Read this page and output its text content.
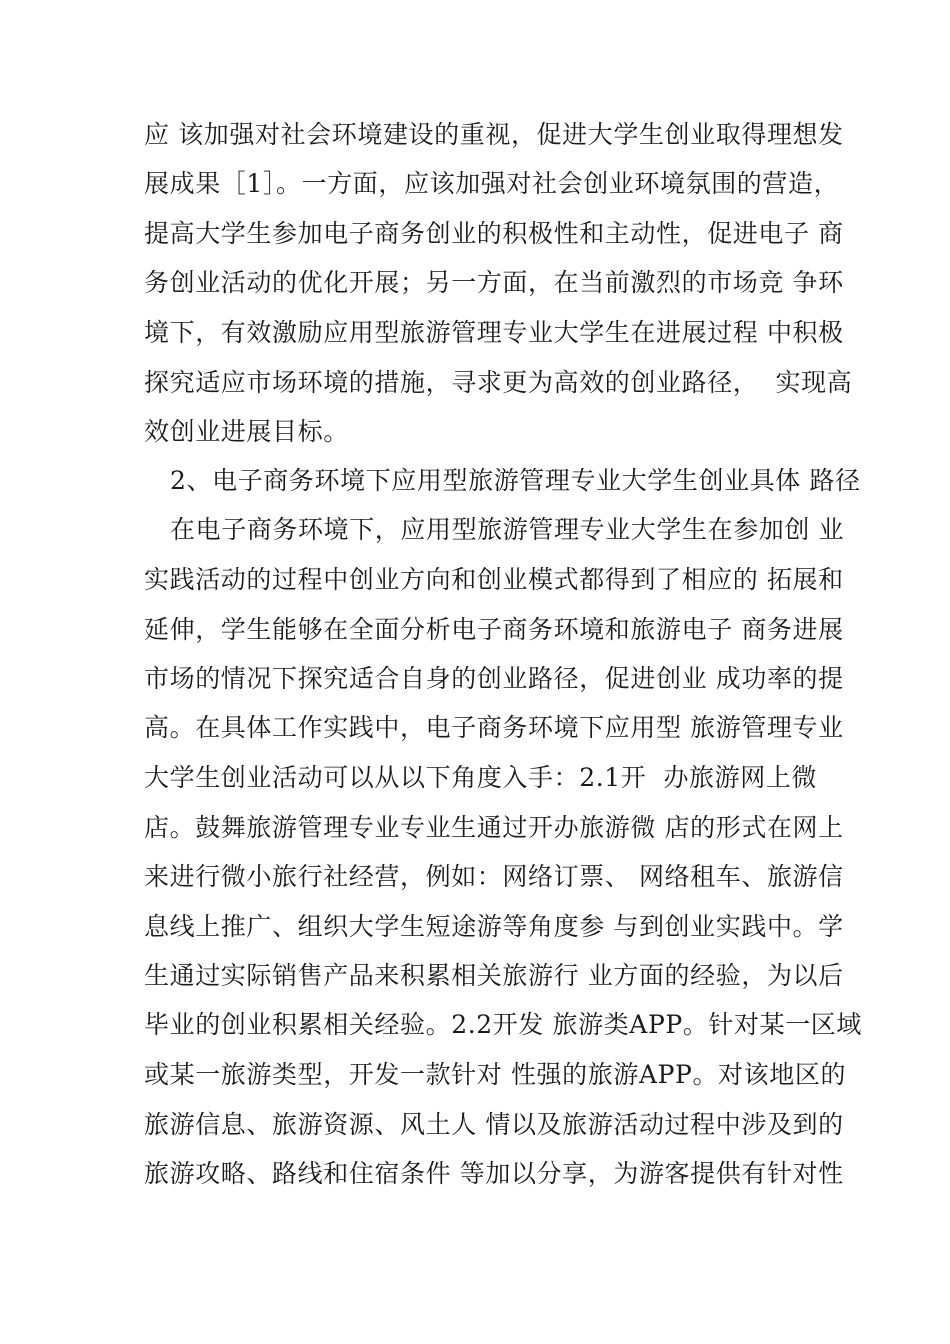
应 该加强对社会环境建设的重视，促进大学生创业取得理想发
展成果［1］。一方面，应该加强对社会创业环境氛围的营造，
提高大学生参加电子商务创业的积极性和主动性，促进电子 商
务创业活动的优化开展；另一方面，在当前激烈的市场竞 争环
境下，有效激励应用型旅游管理专业大学生在进展过程 中积极
探究适应市场环境的措施，寻求更为高效的创业路径，  实现高
效创业进展目标。
2、电子商务环境下应用型旅游管理专业大学生创业具体 路径
在电子商务环境下，应用型旅游管理专业大学生在参加创 业
实践活动的过程中创业方向和创业模式都得到了相应的 拓展和
延伸，学生能够在全面分析电子商务环境和旅游电子 商务进展
市场的情况下探究适合自身的创业路径，促进创业 成功率的提
高。在具体工作实践中，电子商务环境下应用型 旅游管理专业
大学生创业活动可以从以下角度入手：2.1开  办旅游网上微
店。鼓舞旅游管理专业专业生通过开办旅游微 店的形式在网上
来进行微小旅行社经营，例如：网络订票、 网络租车、旅游信
息线上推广、组织大学生短途游等角度参 与到创业实践中。学
生通过实际销售产品来积累相关旅游行 业方面的经验，为以后
毕业的创业积累相关经验。2.2开发 旅游类APP。针对某一区域
或某一旅游类型，开发一款针对 性强的旅游APP。对该地区的
旅游信息、旅游资源、风土人 情以及旅游活动过程中涉及到的
旅游攻略、路线和住宿条件 等加以分享，为游客提供有针对性
